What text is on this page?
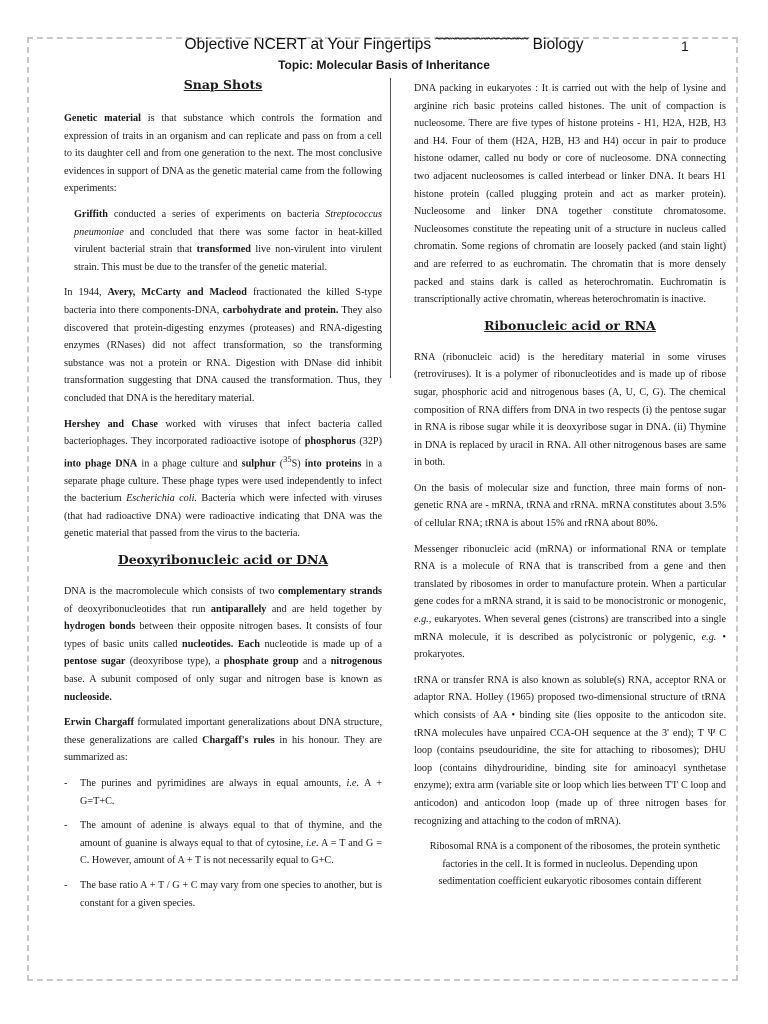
Objective NCERT at Your Fingertips ˜˜˜˜˜˜˜˜˜˜˜˜˜˜˜˜˜˜ Biology	1
Topic: Molecular Basis of Inheritance
Snap Shots

Genetic material is that substance which controls the formation and expression of traits in an organism and can replicate and pass on from a cell to its daughter cell and from one generation to the next. The most conclusive evidences in support of DNA as the genetic material came from the following experiments:

Griffith conducted a series of experiments on bacteria Streptococcus pneumoniae and concluded that there was some factor in heat-killed virulent bacterial strain that transformed live non-virulent into virulent strain. This must be due to the transfer of the genetic material.

In 1944, Avery, McCarty and Macleod fractionated the killed S-type bacteria into there components-DNA, carbohydrate and protein. They also discovered that protein-digesting enzymes (proteases) and RNA-digesting enzymes (RNases) did not affect transformation, so the transforming substance was not a protein or RNA. Digestion with DNase did inhibit transformation suggesting that DNA caused the transformation. Thus, they concluded that DNA is the hereditary material.

Hershey and Chase worked with viruses that infect bacteria called bacteriophages. They incorporated radioactive isotope of phosphorus (32P) into phage DNA in a phage culture and sulphur ($^{35}$S) into proteins in a separate phage culture. These phage types were used independently to infect the bacterium Escherichia coli. Bacteria which were infected with viruses (that had radioactive DNA) were radioactive indicating that DNA was the genetic material that passed from the virus to the bacteria.

Deoxyribonucleic acid or DNA

DNA is the macromolecule which consists of two complementary strands of deoxyribonucleotides that run antiparallely and are held together by hydrogen bonds between their opposite nitrogen bases. It consists of four types of basic units called nucleotides. Each nucleotide is made up of a pentose sugar (deoxyribose type), a phosphate group and a nitrogenous base. A subunit composed of only sugar and nitrogen base is known as nucleoside.

Erwin Chargaff formulated important generalizations about DNA structure, these generalizations are called Chargaff's rules in his honour. They are summarized as:

- The purines and pyrimidines are always in equal amounts, i.e. A + G=T+C.
- The amount of adenine is always equal to that of thymine, and the amount of guanine is always equal to that of cytosine, i.e. A = T and G = C. However, amount of A + T is not necessarily equal to G+C.
- The base ratio A + T / G + C may vary from one species to another, but is constant for a given species.

DNA packing in eukaryotes : It is carried out with the help of lysine and arginine rich basic proteins called histones. The unit of compaction is nucleosome. There are five types of histone proteins - H1, H2A, H2B, H3 and H4. Four of them (H2A, H2B, H3 and H4) occur in pair to produce histone odamer, called nu body or core of nucleosome. DNA connecting two adjacent nucleosomes is called interbead or linker DNA. It bears H1 histone protein (called plugging protein and act as marker protein). Nucleosome and linker DNA together constitute chromatosome. Nucleosomes constitute the repeating unit of a structure in nucleus called chromatin. Some regions of chromatin are loosely packed (and stain light) and are referred to as euchromatin. The chromatin that is more densely packed and stains dark is called as heterochromatin. Euchromatin is transcriptionally active chromatin, whereas heterochromatin is inactive.

Ribonucleic acid or RNA

RNA (ribonucleic acid) is the hereditary material in some viruses (retroviruses). It is a polymer of ribonucleotides and is made up of ribose sugar, phosphoric acid and nitrogenous bases (A, U, C, G). The chemical composition of RNA differs from DNA in two respects (i) the pentose sugar in RNA is ribose sugar while it is deoxyribose sugar in DNA. (ii) Thymine in DNA is replaced by uracil in RNA. All other nitrogenous bases are same in both.

On the basis of molecular size and function, three main forms of non-genetic RNA are - mRNA, tRNA and rRNA. mRNA constitutes about 3.5% of cellular RNA; tRNA is about 15% and rRNA about 80%.

Messenger ribonucleic acid (mRNA) or informational RNA or template RNA is a molecule of RNA that is transcribed from a gene and then translated by ribosomes in order to manufacture protein. When a particular gene codes for a mRNA strand, it is said to be monocistronic or monogenic, e.g., eukaryotes. When several genes (cistrons) are transcribed into a single mRNA molecule, it is described as polycistronic or polygenic, e.g. • prokaryotes.

tRNA or transfer RNA is also known as soluble(s) RNA, acceptor RNA or adaptor RNA. Holley (1965) proposed two-dimensional structure of tRNA which consists of AA • binding site (lies opposite to the anticodon site. tRNA molecules have unpaired CCA-OH sequence at the 3' end); T Ψ C loop (contains pseudouridine, the site for attaching to ribosomes); DHU loop (contains dihydrouridine, binding site for aminoacyl synthetase enzyme); extra arm (variable site or loop which lies between T'I' C loop and anticodon) and anticodon loop (made up of three nitrogen bases for recognizing and attaching to the codon of mRNA).

Ribosomal RNA is a component of the ribosomes, the protein synthetic factories in the cell. It is formed in nucleolus. Depending upon sedimentation coefficient eukaryotic ribosomes contain different
